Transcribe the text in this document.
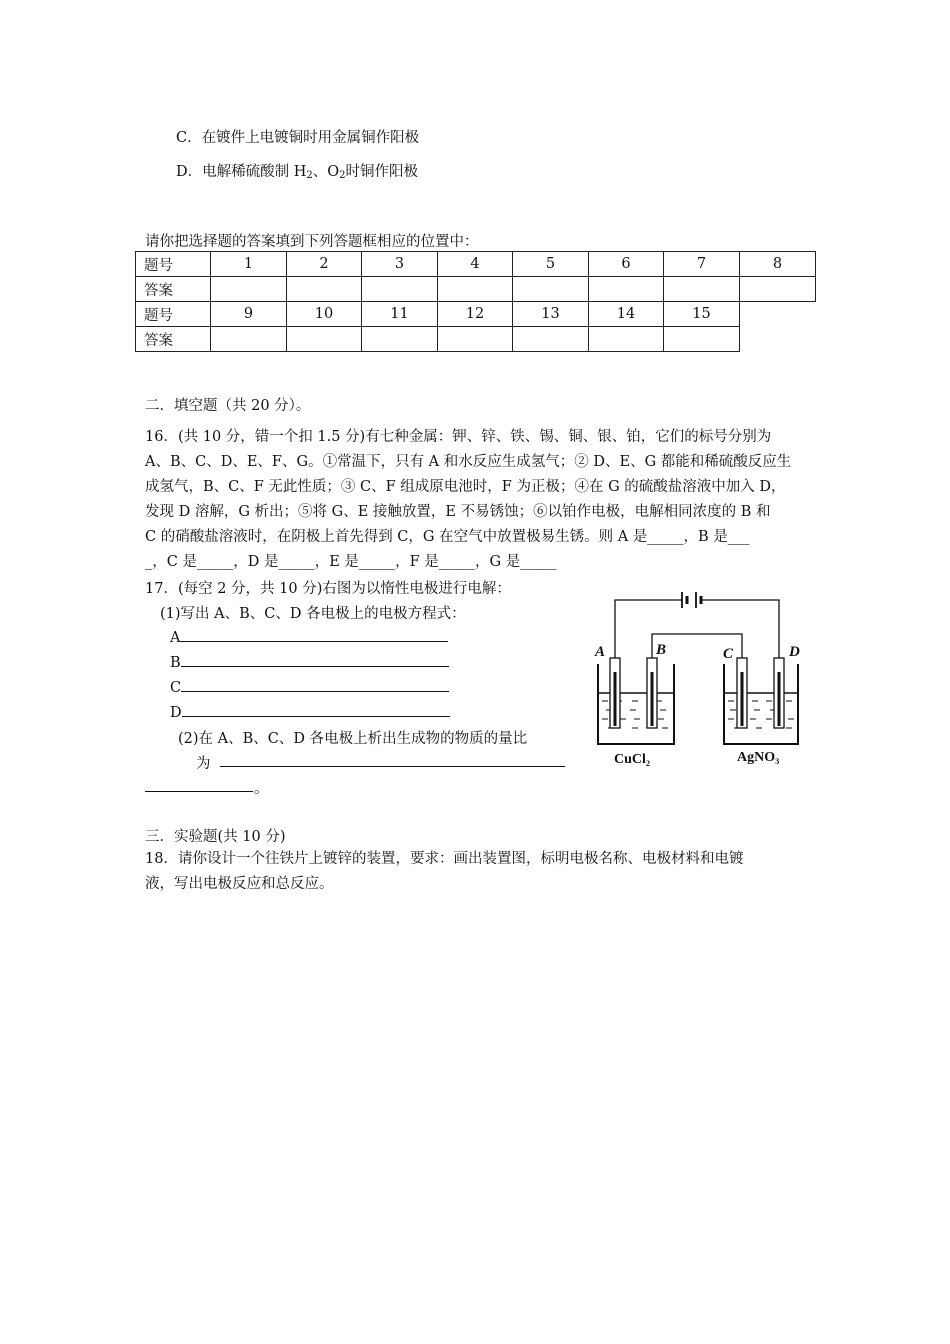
C．在镀件上电镀铜时用金属铜作阳极
D．电解稀硫酸制 $H_2$、$O_2$时铜作阳极
请你把选择题的答案填到下列答题框相应的位置中：
题号	1	2	3	4	5	6	7	8
答案								
题号	9	10	11	12	13	14	15	
答案								
二．填空题（共 20 分）。
16．(共 10 分，错一个扣 1.5 分)有七种金属：钾、锌、铁、锡、铜、银、铂，它们的标号分别为
A、B、C、D、E、F、G。①常温下，只有 A 和水反应生成氢气；② D、E、G 都能和稀硫酸反应生
成氢气，B、C、F 无此性质；③ C、F 组成原电池时，F 为正极；④在 G 的硫酸盐溶液中加入 D，
发现 D 溶解，G 析出；⑤将 G、E 接触放置，E 不易锈蚀；⑥以铂作电极，电解相同浓度的 B 和
C 的硝酸盐溶液时，在阴极上首先得到 C，G 在空气中放置极易生锈。则 A 是_____，B 是___
_，C 是_____，D 是_____，E 是_____，F 是_____，G 是_____
17．(每空 2 分，共 10 分)右图为以惰性电极进行电解：
(1)写出 A、B、C、D 各电极上的电极方程式：
A
B
C
D
(2)在 A、B、C、D 各电极上析出生成物的物质的量比
为
。
A	B	C	D
CuCl₂	AgNO₃
三．实验题(共 10 分)
18．请你设计一个往铁片上镀锌的装置，要求：画出装置图，标明电极名称、电极材料和电镀
液，写出电极反应和总反应。
